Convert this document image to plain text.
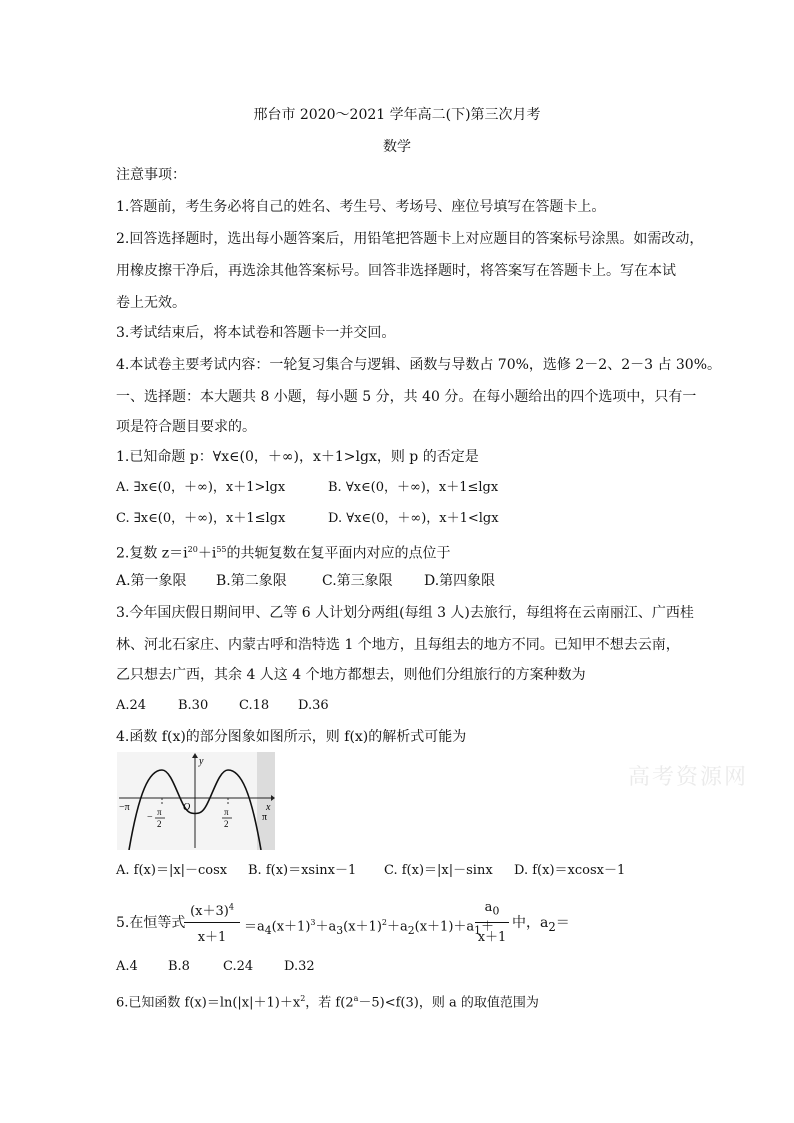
邢台市 2020～2021 学年高二(下)第三次月考
数学
注意事项：
1.答题前，考生务必将自己的姓名、考生号、考场号、座位号填写在答题卡上。
2.回答选择题时，选出每小题答案后，用铅笔把答题卡上对应题目的答案标号涂黑。如需改动，
用橡皮擦干净后，再选涂其他答案标号。回答非选择题时，将答案写在答题卡上。写在本试
卷上无效。
3.考试结束后，将本试卷和答题卡一并交回。
4.本试卷主要考试内容：一轮复习集合与逻辑、函数与导数占 70%，选修 2－2、2－3 占 30%。
一、选择题：本大题共 8 小题，每小题 5 分，共 40 分。在每小题给出的四个选项中，只有一
项是符合题目要求的。
1.已知命题 p：∀x∈(0，＋∞)，x＋1>lgx，则 p 的否定是
A. ∃x∈(0，＋∞)，x＋1>lgx	B. ∀x∈(0，＋∞)，x＋1≤lgx
C. ∃x∈(0，＋∞)，x＋1≤lgx	D. ∀x∈(0，＋∞)，x＋1<lgx
2.复数 $z=i^{20}+i^{55}$的共轭复数在复平面内对应的点位于
A.第一象限 B.第二象限	C.第三象限 D.第四象限
3.今年国庆假日期间甲、乙等 6 人计划分两组(每组 3 人)去旅行，每组将在云南丽江、广西桂
林、河北石家庄、内蒙古呼和浩特选 1 个地方，且每组去的地方不同。已知甲不想去云南，
乙只想去广西，其余 4 人这 4 个地方都想去，则他们分组旅行的方案种数为
A.24 B.30 C.18 D.36
4.函数 f(x)的部分图象如图所示，则 f(x)的解析式可能为
y
x
O
−π
π
− π
2
π
2
高考资源网
A. f(x)＝|x|－cosx B. f(x)＝xsinx－1 C. f(x)＝|x|－sinx D. f(x)＝xcosx－1
5.在恒等式
$(x+3)^4$
x＋1
$=a_4(x+1)^3+a_3(x+1)^2+a_2(x+1)+a_1+$
$a_0$
x＋1
中，$a_2=$
A.4 B.8	C.24 D.32
6.已知函数 $f(x)=\ln(|x|+1)+x^2$，若 $f(2^a-5)<f(3)$，则 a 的取值范围为
